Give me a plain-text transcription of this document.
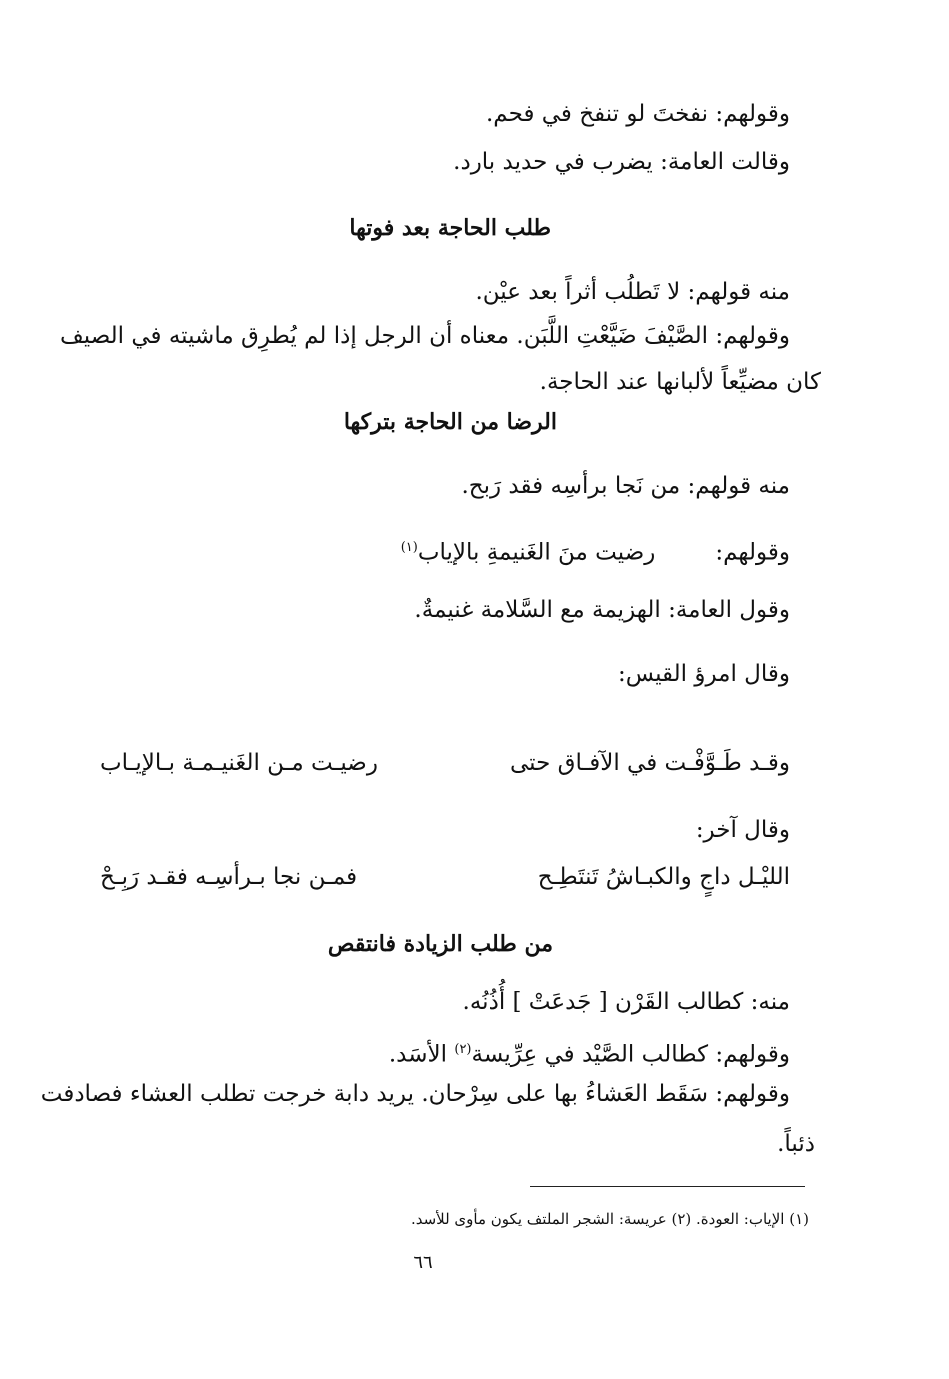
وقولهم: نفختَ لو تنفخ في فحم.
وقالت العامة: يضرب في حديد بارد.
طلب الحاجة بعد فوتها
منه قولهم: لا تَطلُب أثراً بعد عيْن.
وقولهم: الصَّيْفَ ضَيَّعْتِ اللَّبَن. معناه أن الرجل إذا لم يُطرِق ماشيته في الصيف
كان مضيِّعاً لألبانها عند الحاجة.
الرضا من الحاجة بتركها
منه قولهم: من نَجا برأسِه فقد رَبح.
وقولهم:رضيت منَ الغَنيمةِ بالإياب$^{(١)}$
وقول العامة: الهزيمة مع السَّلامة غنيمةٌ.
وقال امرؤ القيس:
وقـد طَـوَّفْـت في الآفـاق حتى
رضيـت مـن الغَنيـمـة بـالإيـاب
وقال آخر:
الليْـل داجٍ والكبـاشُ تَنتَطِـح
فمـن نجا بـرأسِـه فقـد رَبِـحْ
من طلب الزيادة فانتقص
منه: كطالب القَرْن [ جَدعَتْ ] أُذُنُه.
وقولهم: كطالب الصَّيْد في عِرِّيسة$^{(٢)}$ الأسَد.
وقولهم: سَقَط العَشاءُ بها على سِرْحان. يريد دابة خرجت تطلب العشاء فصادفت
ذئباً.
(١) الإياب: العودة. (٢) عريسة: الشجر الملتف يكون مأوى للأسد.
٦٦
